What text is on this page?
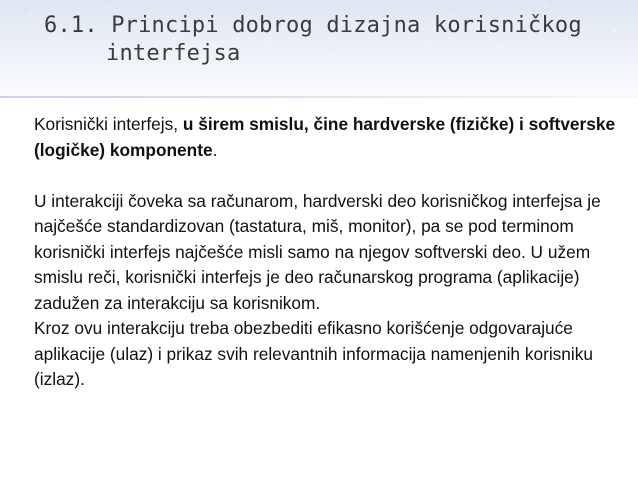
6.1. Principi dobrog dizajna korisničkog
interfejsa

Korisnički interfejs, u širem smislu, čine hardverske (fizičke) i softverske (logičke) komponente.

U interakciji čoveka sa računarom, hardverski deo korisničkog interfejsa je najčešće standardizovan (tastatura, miš, monitor), pa se pod terminom korisnički interfejs najčešće misli samo na njegov softverski deo. U užem smislu reči, korisnički interfejs je deo računarskog programa (aplikacije) zadužen za interakciju sa korisnikom.

Kroz ovu interakciju treba obezbediti efikasno korišćenje odgovarajuće aplikacije (ulaz) i prikaz svih relevantnih informacija namenjenih korisniku (izlaz).
